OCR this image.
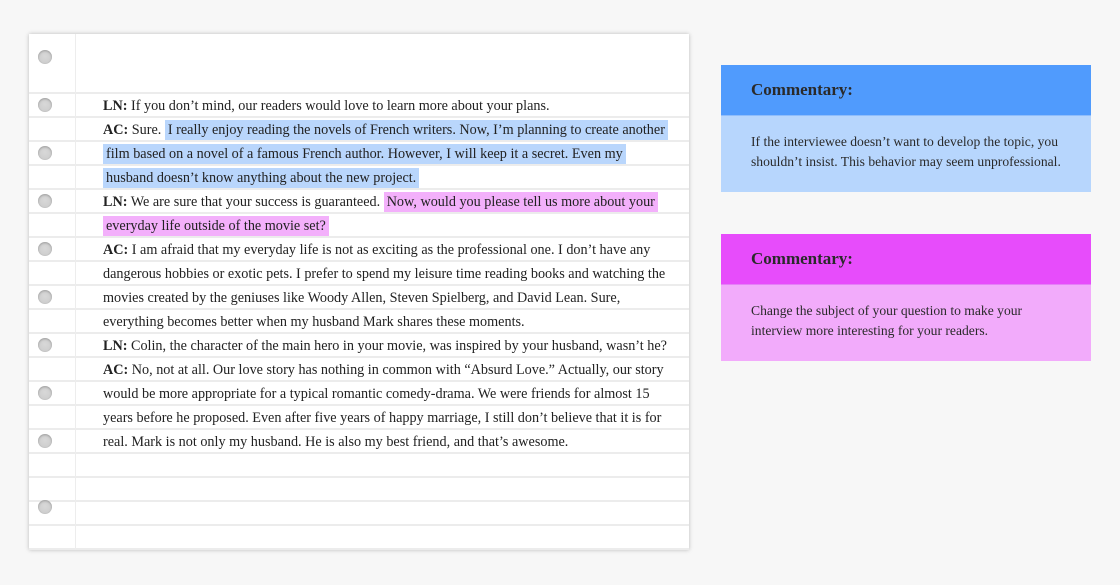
LN: If you don’t mind, our readers would love to learn more about your plans.

AC: Sure. I really enjoy reading the novels of French writers. Now, I’m planning to create another film based on a novel of a famous French author. However, I will keep it a secret. Even my husband doesn’t know anything about the new project.

LN: We are sure that your success is guaranteed. Now, would you please tell us more about your everyday life outside of the movie set?

AC: I am afraid that my everyday life is not as exciting as the professional one. I don’t have any dangerous hobbies or exotic pets. I prefer to spend my leisure time reading books and watching the movies created by the geniuses like Woody Allen, Steven Spielberg, and David Lean. Sure, everything becomes better when my husband Mark shares these moments.

LN: Colin, the character of the main hero in your movie, was inspired by your husband, wasn’t he?

AC: No, not at all. Our love story has nothing in common with “Absurd Love.” Actually, our story would be more appropriate for a typical romantic comedy-drama. We were friends for almost 15 years before he proposed. Even after five years of happy marriage, I still don’t believe that it is for real. Mark is not only my husband. He is also my best friend, and that’s awesome.

Commentary:
If the interviewee doesn’t want to develop the topic, you shouldn’t insist. This behavior may seem unprofessional.
Commentary:
Change the subject of your question to make your interview more interesting for your readers.
